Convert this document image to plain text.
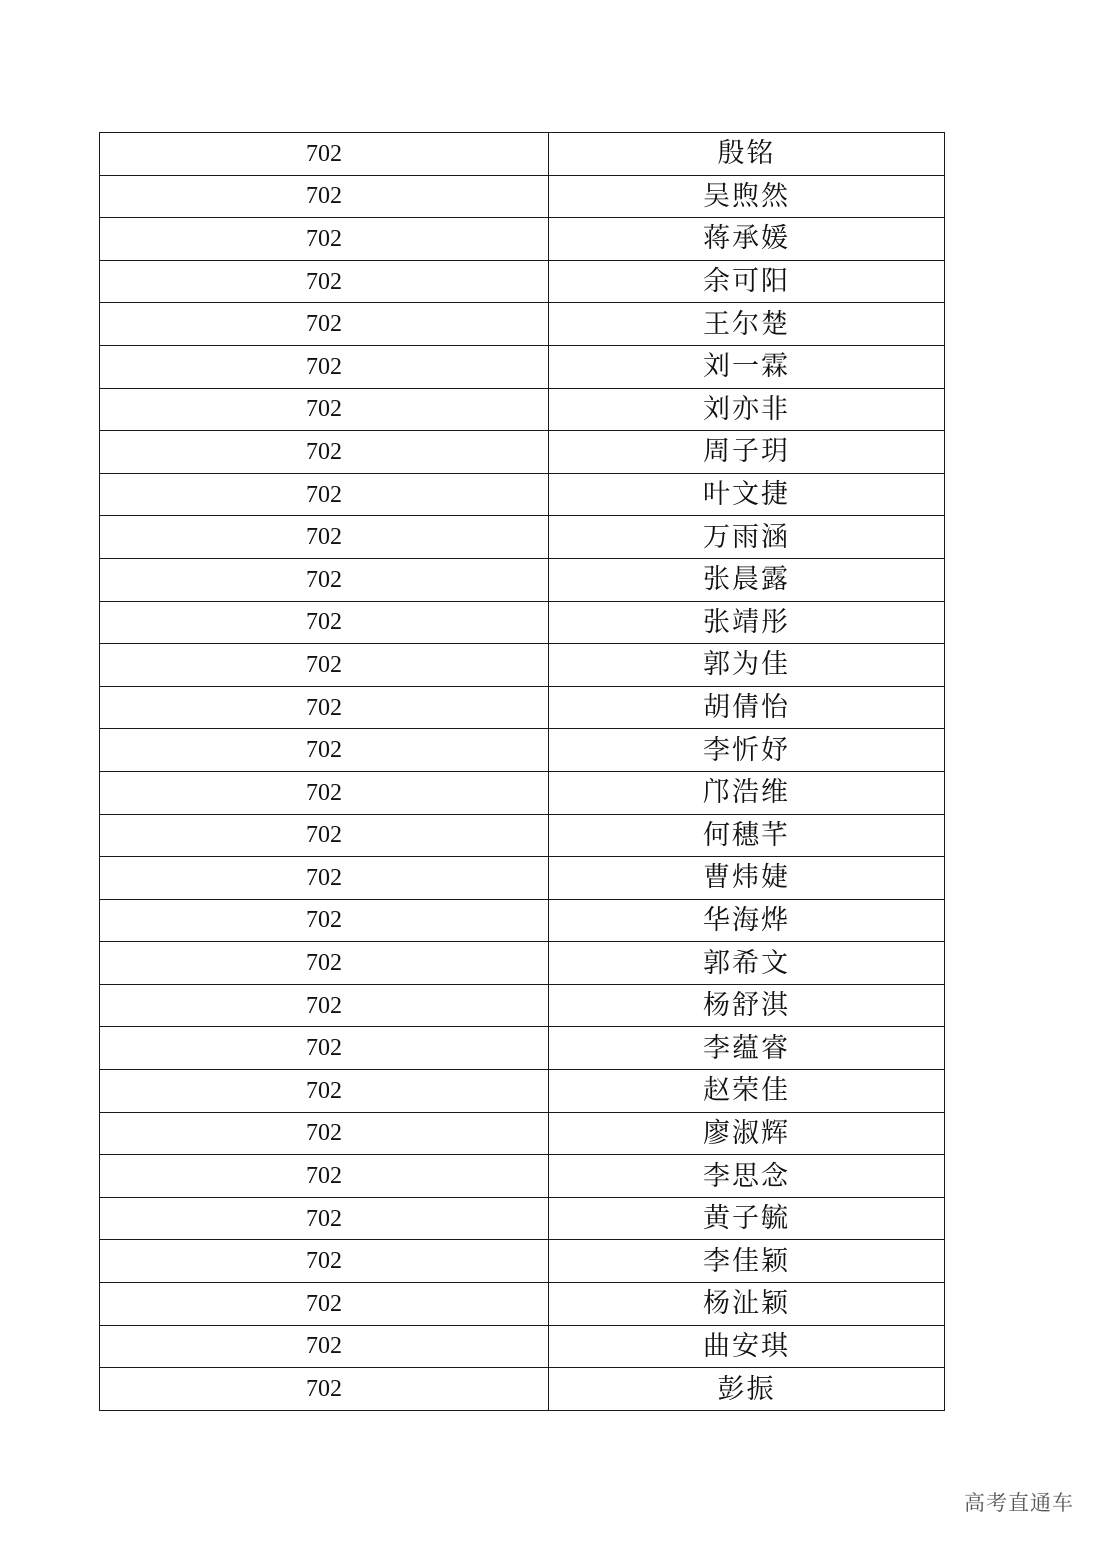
702	殷铭
702	吴煦然
702	蒋承媛
702	余可阳
702	王尔楚
702	刘一霖
702	刘亦非
702	周子玥
702	叶文捷
702	万雨涵
702	张晨露
702	张靖彤
702	郭为佳
702	胡倩怡
702	李忻妤
702	邝浩维
702	何穗芊
702	曹炜婕
702	华海烨
702	郭希文
702	杨舒淇
702	李蕴睿
702	赵荣佳
702	廖淑辉
702	李思念
702	黄子毓
702	李佳颖
702	杨沚颖
702	曲安琪
702	彭振
高考直通车
